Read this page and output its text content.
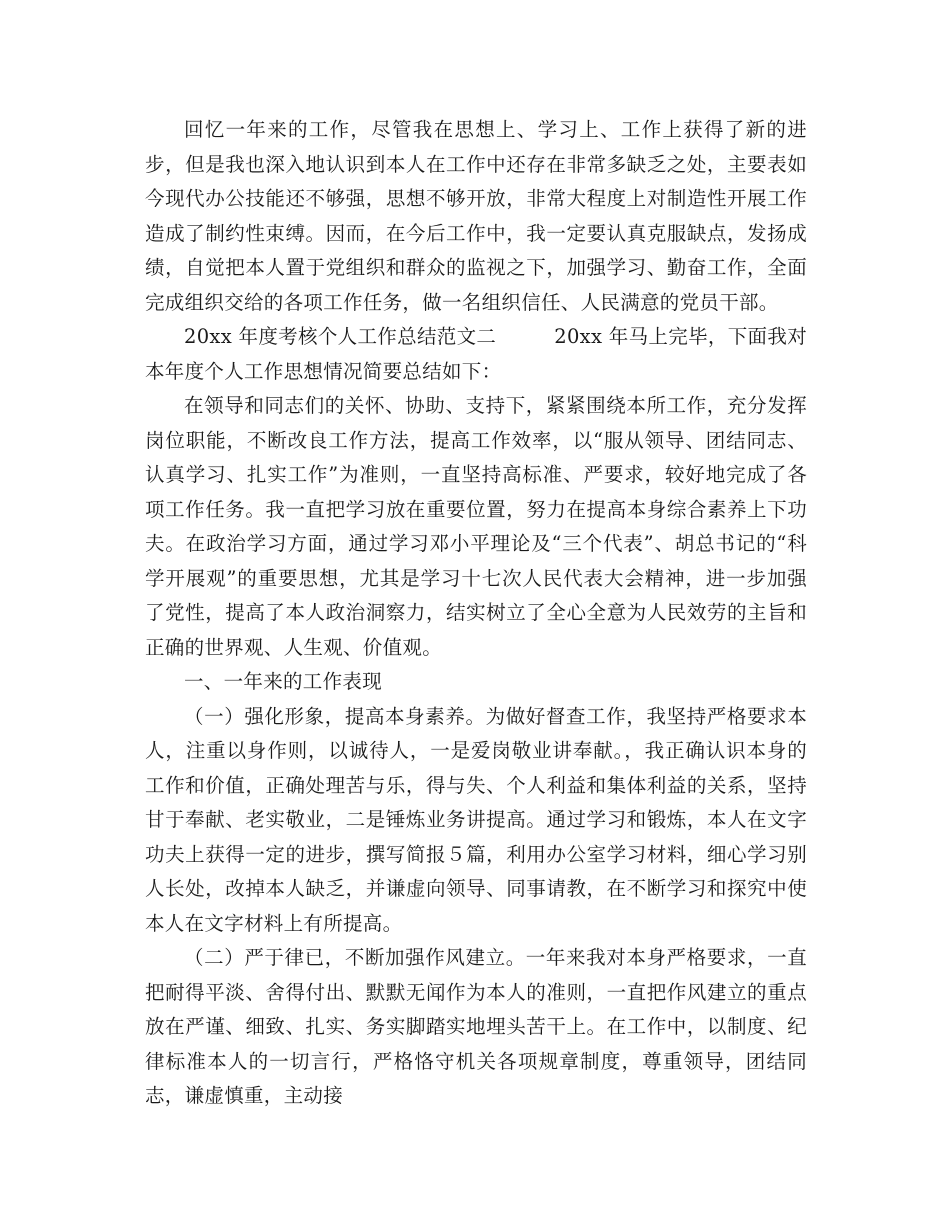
回忆一年来的工作，尽管我在思想上、学习上、工作上获得了新的进步，但是我也深入地认识到本人在工作中还存在非常多缺乏之处，主要表如今现代办公技能还不够强，思想不够开放，非常大程度上对制造性开展工作造成了制约性束缚。因而，在今后工作中，我一定要认真克服缺点，发扬成绩，自觉把本人置于党组织和群众的监视之下，加强学习、勤奋工作，全面完成组织交给的各项工作任务，做一名组织信任、人民满意的党员干部。

20xx 年度考核个人工作总结范文二	20xx 年马上完毕，下面我对本年度个人工作思想情况简要总结如下：

在领导和同志们的关怀、协助、支持下，紧紧围绕本所工作，充分发挥岗位职能，不断改良工作方法，提高工作效率，以“服从领导、团结同志、认真学习、扎实工作”为准则，一直坚持高标准、严要求，较好地完成了各项工作任务。我一直把学习放在重要位置，努力在提高本身综合素养上下功夫。在政治学习方面，通过学习邓小平理论及“三个代表”、胡总书记的“科学开展观”的重要思想，尤其是学习十七次人民代表大会精神，进一步加强了党性，提高了本人政治洞察力，结实树立了全心全意为人民效劳的主旨和正确的世界观、人生观、价值观。

一、一年来的工作表现

（一）强化形象，提高本身素养。为做好督查工作，我坚持严格要求本人，注重以身作则，以诚待人，一是爱岗敬业讲奉献。，我正确认识本身的工作和价值，正确处理苦与乐，得与失、个人利益和集体利益的关系，坚持甘于奉献、老实敬业，二是锤炼业务讲提高。通过学习和锻炼，本人在文字功夫上获得一定的进步，撰写简报５篇，利用办公室学习材料，细心学习别人长处，改掉本人缺乏，并谦虚向领导、同事请教，在不断学习和探究中使本人在文字材料上有所提高。

（二）严于律已，不断加强作风建立。一年来我对本身严格要求，一直把耐得平淡、舍得付出、默默无闻作为本人的准则，一直把作风建立的重点放在严谨、细致、扎实、务实脚踏实地埋头苦干上。在工作中，以制度、纪律标准本人的一切言行，严格恪守机关各项规章制度，尊重领导，团结同志，谦虚慎重，主动接
